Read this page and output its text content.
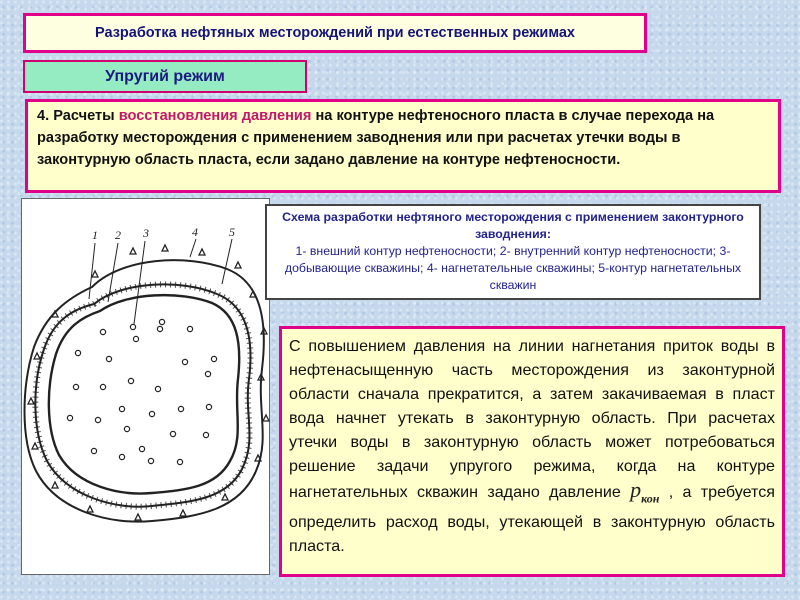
Разработка нефтяных месторождений при естественных режимах
Упругий режим
4. Расчеты восстановления давления на контуре нефтеносного пласта в случае перехода на разработку месторождения с применением заводнения или при расчетах утечки воды в законтурную область пласта, если задано давление на контуре нефтеносности.
1 2 3	4	5
Схема разработки нефтяного месторождения с применением законтурного заводнения:
1- внешний контур нефтеносности; 2- внутренний контур нефтеносности; 3- добывающие скважины; 4- нагнетательные скважины; 5-контур нагнетательных скважин
С повышением давления на линии нагнетания приток воды в нефтенасыщенную часть месторождения из законтурной области сначала прекратится, а затем закачиваемая в пласт вода начнет утекать в законтурную область. При расчетах утечки воды в законтурную область может потребоваться решение задачи упругого режима, когда на контуре нагнетательных скважин задано давление $p_{кон}$ , а требуется определить расход воды, утекающей в законтурную область пласта.
